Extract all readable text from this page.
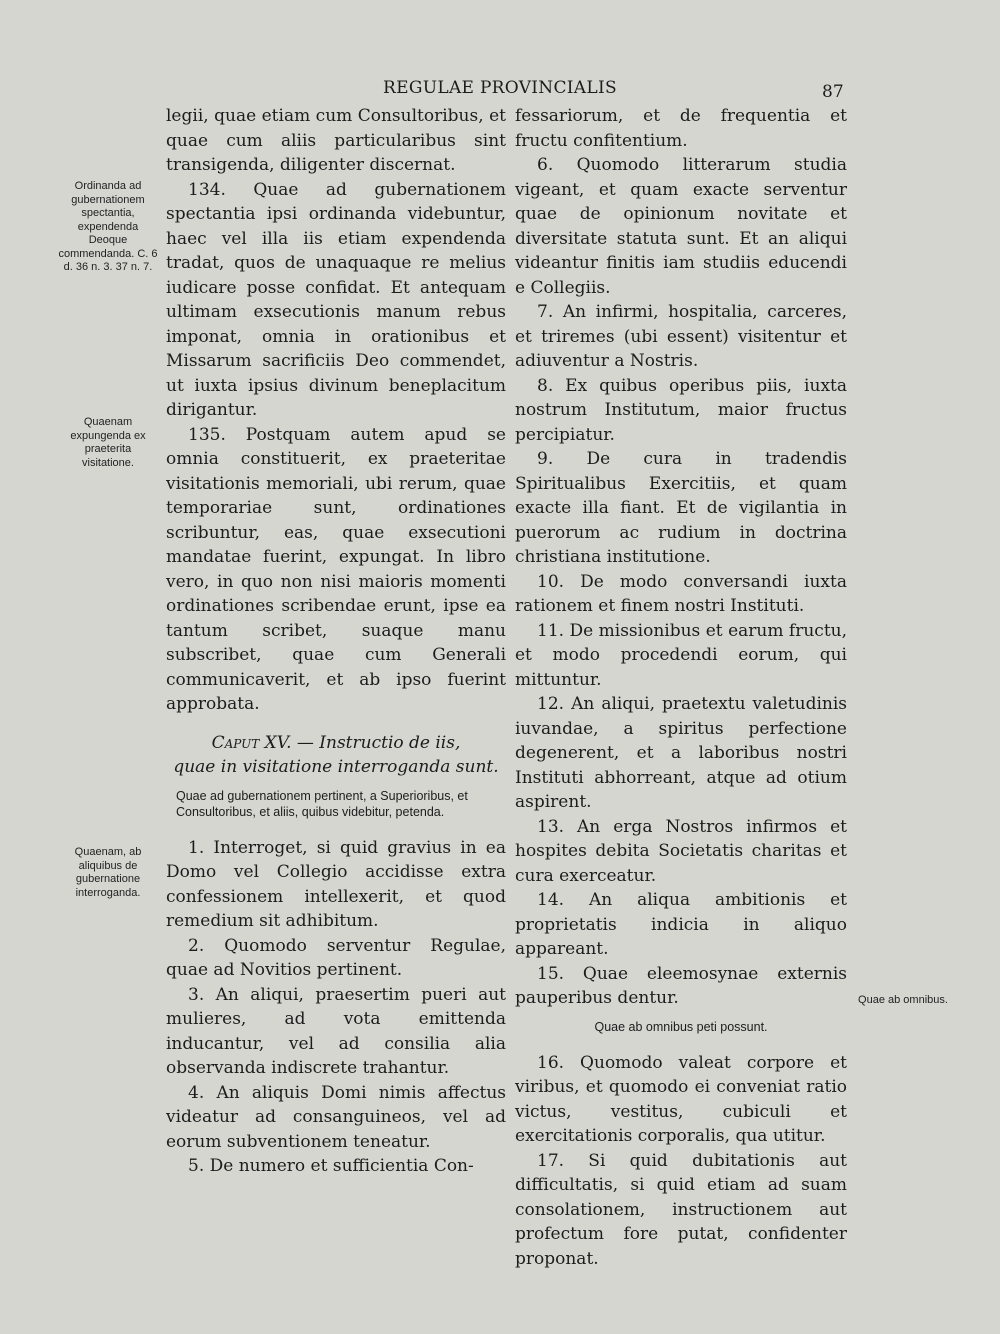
REGULAE PROVINCIALIS	87
Ordinanda ad gubernationem spectantia, expendenda Deoque commendanda. C. 6 d. 36 n. 3. 37 n. 7.
Quaenam expungenda ex praeterita visitatione.
Quaenam, ab aliquibus de gubernatione interroganda.
Quae ab omnibus.

legii, quae etiam cum Consultoribus, et quae cum aliis particularibus sint transigenda, diligenter discernat.

134. Quae ad gubernationem spectantia ipsi ordinanda videbuntur, haec vel illa iis etiam expendenda tradat, quos de unaquaque re melius iudicare posse confidat. Et antequam ultimam exsecutionis manum rebus imponat, omnia in orationibus et Missarum sacrificiis Deo commendet, ut iuxta ipsius divinum beneplacitum dirigantur.

135. Postquam autem apud se omnia constituerit, ex praeteritae visitationis memoriali, ubi rerum, quae temporariae sunt, ordinationes scribuntur, eas, quae exsecutioni mandatae fuerint, expungat. In libro vero, in quo non nisi maioris momenti ordinationes scribendae erunt, ipse ea tantum scribet, suaque manu subscribet, quae cum Generali communicaverit, et ab ipso fuerint approbata.

Caput XV. — Instructio de iis,
quae in visitatione interroganda sunt.
Quae ad gubernationem pertinent, a Superioribus, et Consultoribus, et aliis, quibus videbitur, petenda.

1. Interroget, si quid gravius in ea Domo vel Collegio accidisse extra confessionem intellexerit, et quod remedium sit adhibitum.

2. Quomodo serventur Regulae, quae ad Novitios pertinent.

3. An aliqui, praesertim pueri aut mulieres, ad vota emittenda inducantur, vel ad consilia alia observanda indiscrete trahantur.

4. An aliquis Domi nimis affectus videatur ad consanguineos, vel ad eorum subventionem teneatur.

5. De numero et sufficientia Con-

fessariorum, et de frequentia et fructu confitentium.

6. Quomodo litterarum studia vigeant, et quam exacte serventur quae de opinionum novitate et diversitate statuta sunt. Et an aliqui videantur finitis iam studiis educendi e Collegiis.

7. An infirmi, hospitalia, carceres, et triremes (ubi essent) visitentur et adiuventur a Nostris.

8. Ex quibus operibus piis, iuxta nostrum Institutum, maior fructus percipiatur.

9. De cura in tradendis Spiritualibus Exercitiis, et quam exacte illa fiant. Et de vigilantia in puerorum ac rudium in doctrina christiana institutione.

10. De modo conversandi iuxta rationem et finem nostri Instituti.

11. De missionibus et earum fructu, et modo procedendi eorum, qui mittuntur.

12. An aliqui, praetextu valetudinis iuvandae, a spiritus perfectione degenerent, et a laboribus nostri Instituti abhorreant, atque ad otium aspirent.

13. An erga Nostros infirmos et hospites debita Societatis charitas et cura exerceatur.

14. An aliqua ambitionis et proprietatis indicia in aliquo appareant.

15. Quae eleemosynae externis pauperibus dentur.

Quae ab omnibus peti possunt.

16. Quomodo valeat corpore et viribus, et quomodo ei conveniat ratio victus, vestitus, cubiculi et exercitationis corporalis, qua utitur.

17. Si quid dubitationis aut difficultatis, si quid etiam ad suam consolationem, instructionem aut profectum fore putat, confidenter proponat.
